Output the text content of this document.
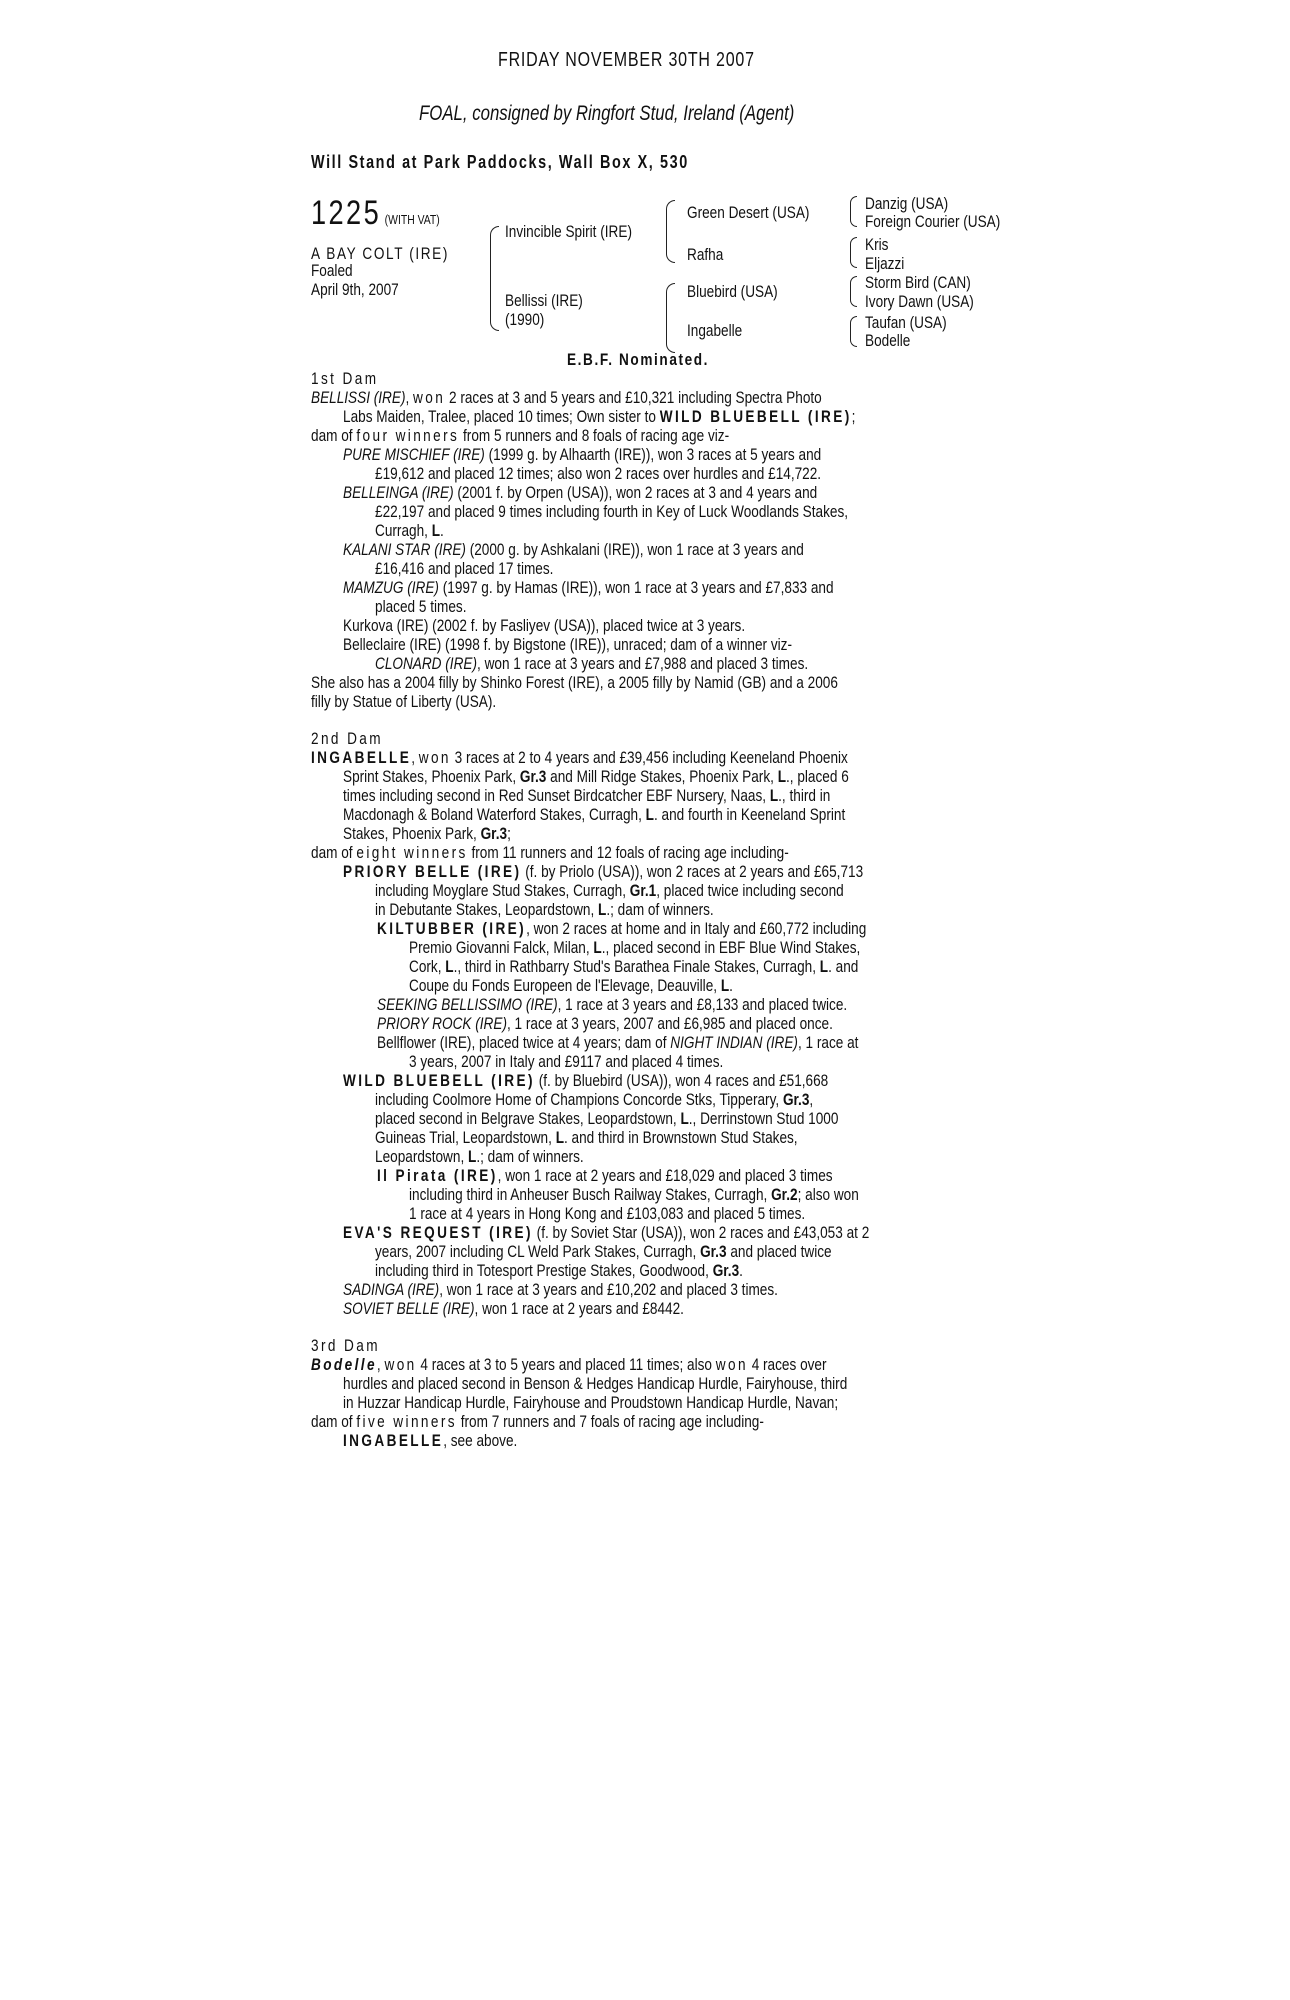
FRIDAY NOVEMBER 30TH 2007
FOAL, consigned by Ringfort Stud, Ireland (Agent)
Will Stand at Park Paddocks, Wall Box X, 530
1225 (WITH VAT)
A BAY COLT (IRE)
Foaled
April 9th, 2007
Invincible Spirit (IRE)
Bellissi (IRE)
(1990)
Green Desert (USA)
Rafha
Bluebird (USA)
Ingabelle
Danzig (USA)
Foreign Courier (USA)
Kris
Eljazzi
Storm Bird (CAN)
Ivory Dawn (USA)
Taufan (USA)
Bodelle
E.B.F. Nominated.
1st Dam
BELLISSI (IRE), won 2 races at 3 and 5 years and £10,321 including Spectra Photo
Labs Maiden, Tralee, placed 10 times; Own sister to WILD BLUEBELL (IRE);
dam of four winners from 5 runners and 8 foals of racing age viz-
PURE MISCHIEF (IRE) (1999 g. by Alhaarth (IRE)), won 3 races at 5 years and
£19,612 and placed 12 times; also won 2 races over hurdles and £14,722.
BELLEINGA (IRE) (2001 f. by Orpen (USA)), won 2 races at 3 and 4 years and
£22,197 and placed 9 times including fourth in Key of Luck Woodlands Stakes,
Curragh, L.
KALANI STAR (IRE) (2000 g. by Ashkalani (IRE)), won 1 race at 3 years and
£16,416 and placed 17 times.
MAMZUG (IRE) (1997 g. by Hamas (IRE)), won 1 race at 3 years and £7,833 and
placed 5 times.
Kurkova (IRE) (2002 f. by Fasliyev (USA)), placed twice at 3 years.
Belleclaire (IRE) (1998 f. by Bigstone (IRE)), unraced; dam of a winner viz-
CLONARD (IRE), won 1 race at 3 years and £7,988 and placed 3 times.
She also has a 2004 filly by Shinko Forest (IRE), a 2005 filly by Namid (GB) and a 2006
filly by Statue of Liberty (USA).
2nd Dam
INGABELLE, won 3 races at 2 to 4 years and £39,456 including Keeneland Phoenix
Sprint Stakes, Phoenix Park, Gr.3 and Mill Ridge Stakes, Phoenix Park, L., placed 6
times including second in Red Sunset Birdcatcher EBF Nursery, Naas, L., third in
Macdonagh & Boland Waterford Stakes, Curragh, L. and fourth in Keeneland Sprint
Stakes, Phoenix Park, Gr.3;
dam of eight winners from 11 runners and 12 foals of racing age including-
PRIORY BELLE (IRE) (f. by Priolo (USA)), won 2 races at 2 years and £65,713
including Moyglare Stud Stakes, Curragh, Gr.1, placed twice including second
in Debutante Stakes, Leopardstown, L.; dam of winners.
KILTUBBER (IRE), won 2 races at home and in Italy and £60,772 including
Premio Giovanni Falck, Milan, L., placed second in EBF Blue Wind Stakes,
Cork, L., third in Rathbarry Stud's Barathea Finale Stakes, Curragh, L. and
Coupe du Fonds Europeen de l'Elevage, Deauville, L.
SEEKING BELLISSIMO (IRE), 1 race at 3 years and £8,133 and placed twice.
PRIORY ROCK (IRE), 1 race at 3 years, 2007 and £6,985 and placed once.
Bellflower (IRE), placed twice at 4 years; dam of NIGHT INDIAN (IRE), 1 race at
3 years, 2007 in Italy and £9117 and placed 4 times.
WILD BLUEBELL (IRE) (f. by Bluebird (USA)), won 4 races and £51,668
including Coolmore Home of Champions Concorde Stks, Tipperary, Gr.3,
placed second in Belgrave Stakes, Leopardstown, L., Derrinstown Stud 1000
Guineas Trial, Leopardstown, L. and third in Brownstown Stud Stakes,
Leopardstown, L.; dam of winners.
Il Pirata (IRE), won 1 race at 2 years and £18,029 and placed 3 times
including third in Anheuser Busch Railway Stakes, Curragh, Gr.2; also won
1 race at 4 years in Hong Kong and £103,083 and placed 5 times.
EVA'S REQUEST (IRE) (f. by Soviet Star (USA)), won 2 races and £43,053 at 2
years, 2007 including CL Weld Park Stakes, Curragh, Gr.3 and placed twice
including third in Totesport Prestige Stakes, Goodwood, Gr.3.
SADINGA (IRE), won 1 race at 3 years and £10,202 and placed 3 times.
SOVIET BELLE (IRE), won 1 race at 2 years and £8442.
3rd Dam
Bodelle, won 4 races at 3 to 5 years and placed 11 times; also won 4 races over
hurdles and placed second in Benson & Hedges Handicap Hurdle, Fairyhouse, third
in Huzzar Handicap Hurdle, Fairyhouse and Proudstown Handicap Hurdle, Navan;
dam of five winners from 7 runners and 7 foals of racing age including-
INGABELLE, see above.
